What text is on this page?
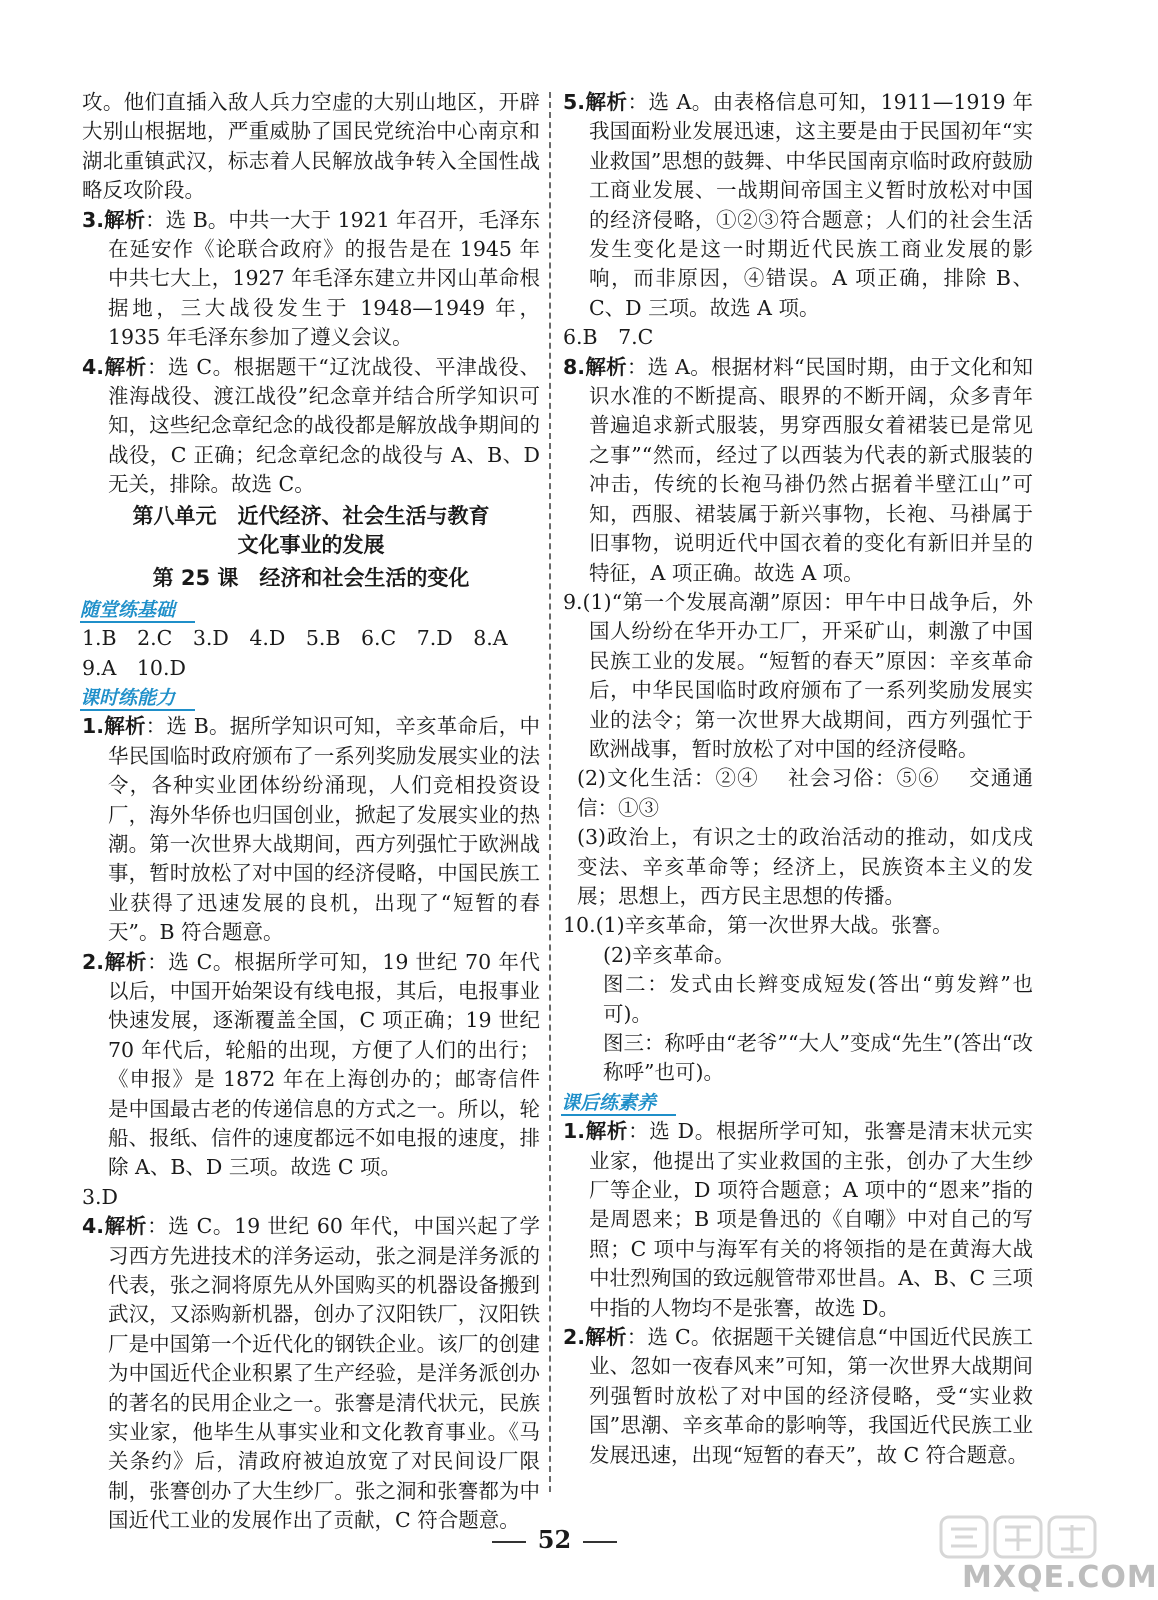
攻。他们直插入敌人兵力空虚的大别山地区，开辟大别山根据地，严重威胁了国民党统治中心南京和湖北重镇武汉，标志着人民解放战争转入全国性战略反攻阶段。

3.解析：选 B。中共一大于 1921 年召开，毛泽东在延安作《论联合政府》的报告是在 1945 年中共七大上，1927 年毛泽东建立井冈山革命根据地，三大战役发生于 1948—1949 年，1935 年毛泽东参加了遵义会议。

4.解析：选 C。根据题干“辽沈战役、平津战役、淮海战役、渡江战役”纪念章并结合所学知识可知，这些纪念章纪念的战役都是解放战争期间的战役，C 正确；纪念章纪念的战役与 A、B、D 无关，排除。故选 C。

第八单元　近代经济、社会生活与教育
文化事业的发展

第 25 课　经济和社会生活的变化

随堂练基础

1.B　2.C　3.D　4.D　5.B　6.C　7.D　8.A

9.A　10.D

课时练能力

1.解析：选 B。据所学知识可知，辛亥革命后，中华民国临时政府颁布了一系列奖励发展实业的法令，各种实业团体纷纷涌现，人们竞相投资设厂，海外华侨也归国创业，掀起了发展实业的热潮。第一次世界大战期间，西方列强忙于欧洲战事，暂时放松了对中国的经济侵略，中国民族工业获得了迅速发展的良机，出现了“短暂的春天”。B 符合题意。

2.解析：选 C。根据所学可知，19 世纪 70 年代以后，中国开始架设有线电报，其后，电报事业快速发展，逐渐覆盖全国，C 项正确；19 世纪 70 年代后，轮船的出现，方便了人们的出行；《申报》是 1872 年在上海创办的；邮寄信件是中国最古老的传递信息的方式之一。所以，轮船、报纸、信件的速度都远不如电报的速度，排除 A、B、D 三项。故选 C 项。

3.D

4.解析：选 C。19 世纪 60 年代，中国兴起了学习西方先进技术的洋务运动，张之洞是洋务派的代表，张之洞将原先从外国购买的机器设备搬到武汉，又添购新机器，创办了汉阳铁厂，汉阳铁厂是中国第一个近代化的钢铁企业。该厂的创建为中国近代企业积累了生产经验，是洋务派创办的著名的民用企业之一。张謇是清代状元，民族实业家，他毕生从事实业和文化教育事业。《马关条约》后，清政府被迫放宽了对民间设厂限制，张謇创办了大生纱厂。张之洞和张謇都为中国近代工业的发展作出了贡献，C 符合题意。

5.解析：选 A。由表格信息可知，1911—1919 年我国面粉业发展迅速，这主要是由于民国初年“实业救国”思想的鼓舞、中华民国南京临时政府鼓励工商业发展、一战期间帝国主义暂时放松对中国的经济侵略，①②③符合题意；人们的社会生活发生变化是这一时期近代民族工商业发展的影响，而非原因，④错误。A 项正确，排除 B、C、D 三项。故选 A 项。

6.B　7.C

8.解析：选 A。根据材料“民国时期，由于文化和知识水准的不断提高、眼界的不断开阔，众多青年普遍追求新式服装，男穿西服女着裙装已是常见之事”“然而，经过了以西装为代表的新式服装的冲击，传统的长袍马褂仍然占据着半壁江山”可知，西服、裙装属于新兴事物，长袍、马褂属于旧事物，说明近代中国衣着的变化有新旧并呈的特征，A 项正确。故选 A 项。

9.(1)“第一个发展高潮”原因：甲午中日战争后，外国人纷纷在华开办工厂，开采矿山，刺激了中国民族工业的发展。“短暂的春天”原因：辛亥革命后，中华民国临时政府颁布了一系列奖励发展实业的法令；第一次世界大战期间，西方列强忙于欧洲战事，暂时放松了对中国的经济侵略。

(2)文化生活：②④　 社会习俗：⑤⑥　 交通通信：①③

(3)政治上，有识之士的政治活动的推动，如戊戌变法、辛亥革命等；经济上，民族资本主义的发展；思想上，西方民主思想的传播。

10.(1)辛亥革命，第一次世界大战。张謇。

(2)辛亥革命。

图二：发式由长辫变成短发(答出“剪发辫”也可)。

图三：称呼由“老爷”“大人”变成“先生”(答出“改称呼”也可)。

课后练素养

1.解析：选 D。根据所学可知，张謇是清末状元实业家，他提出了实业救国的主张，创办了大生纱厂等企业，D 项符合题意；A 项中的“恩来”指的是周恩来；B 项是鲁迅的《自嘲》中对自己的写照；C 项中与海军有关的将领指的是在黄海大战中壮烈殉国的致远舰管带邓世昌。A、B、C 三项中指的人物均不是张謇，故选 D。

2.解析：选 C。依据题干关键信息“中国近代民族工业、忽如一夜春风来”可知，第一次世界大战期间列强暂时放松了对中国的经济侵略，受“实业救国”思潮、辛亥革命的影响等，我国近代民族工业发展迅速，出现“短暂的春天”，故 C 符合题意。

52
MXQE.COM
